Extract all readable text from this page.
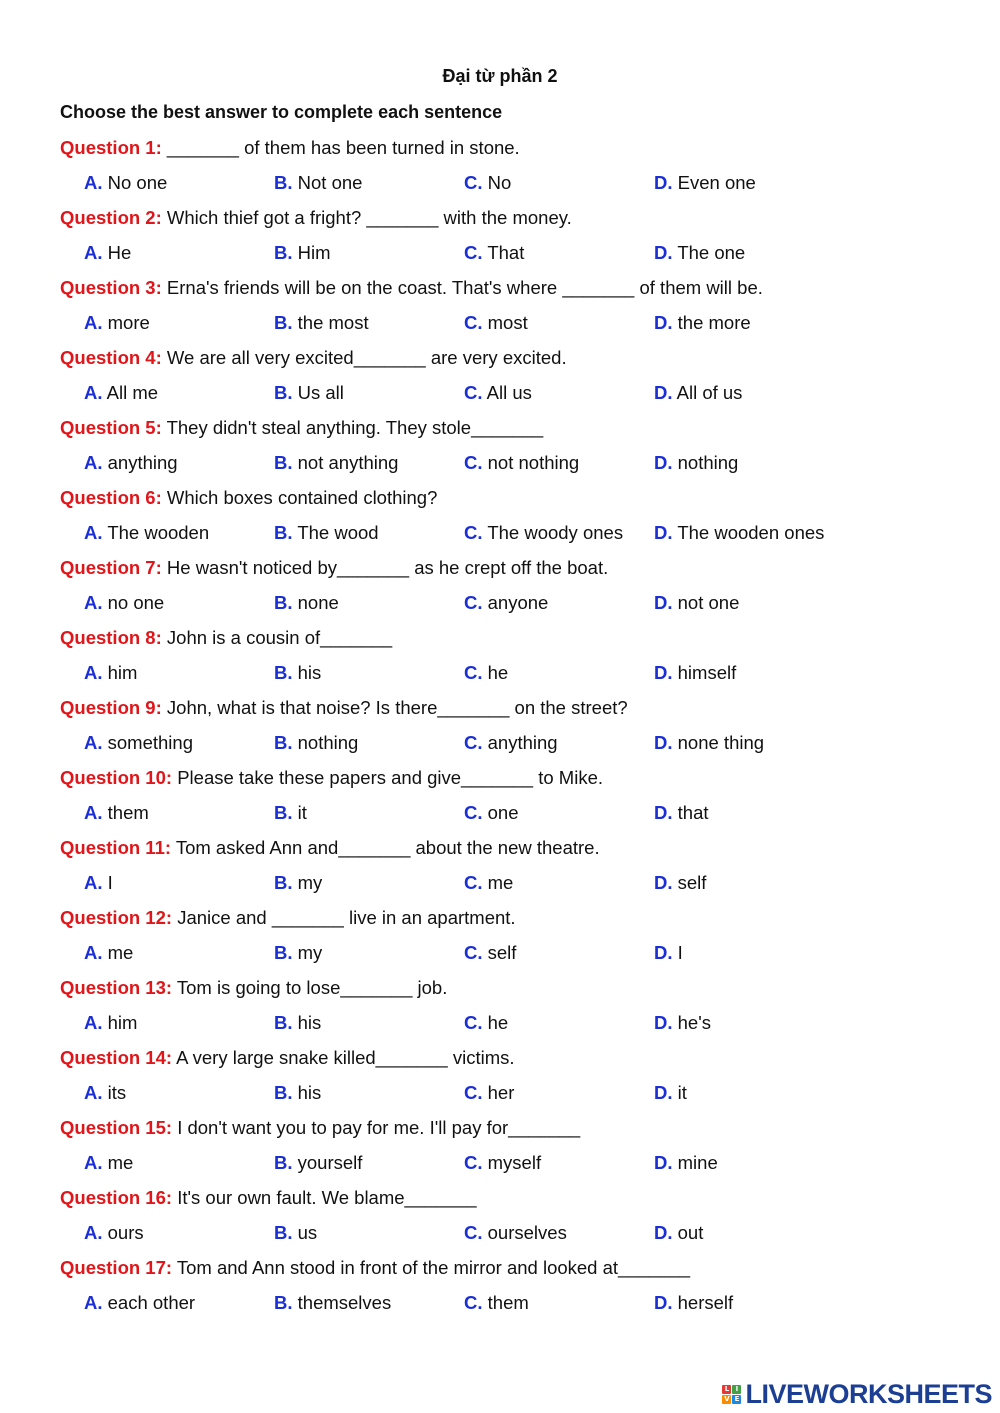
Đại từ phần 2
Choose the best answer to complete each sentence
Question 1: _______ of them has been turned in stone.
A. No one	B. Not one	C. No	D. Even one
Question 2: Which thief got a fright? _______ with the money.
A. He	B. Him	C. That	D. The one
Question 3: Erna's friends will be on the coast. That's where _______ of them will be.
A. more	B. the most	C. most	D. the more
Question 4: We are all very excited_______ are very excited.
A. All me	B. Us all	C. All us	D. All of us
Question 5: They didn't steal anything. They stole_______
A. anything	B. not anything	C. not nothing	D. nothing
Question 6: Which boxes contained clothing?
A. The wooden	B. The wood	C. The woody ones D. The wooden ones
Question 7: He wasn't noticed by_______ as he crept off the boat.
A. no one	B. none	C. anyone	D. not one
Question 8: John is a cousin of_______
A. him	B. his	C. he	D. himself
Question 9: John, what is that noise? Is there_______ on the street?
A. something	B. nothing	C. anything	D. none thing
Question 10: Please take these papers and give_______ to Mike.
A. them	B. it	C. one	D. that
Question 11: Tom asked Ann and_______ about the new theatre.
A. I	B. my	C. me	D. self
Question 12: Janice and _______ live in an apartment.
A. me	B. my	C. self	D. I
Question 13: Tom is going to lose_______ job.
A. him	B. his	C. he	D. he's
Question 14: A very large snake killed_______ victims.
A. its	B. his	C. her	D. it
Question 15: I don't want you to pay for me. I'll pay for_______
A. me	B. yourself	C. myself	D. mine
Question 16: It's our own fault. We blame_______
A. ours	B. us	C. ourselves	D. out
Question 17: Tom and Ann stood in front of the mirror and looked at_______
A. each other	B. themselves	C. them	D. herself
L I
V E LIVEWORKSHEETS
